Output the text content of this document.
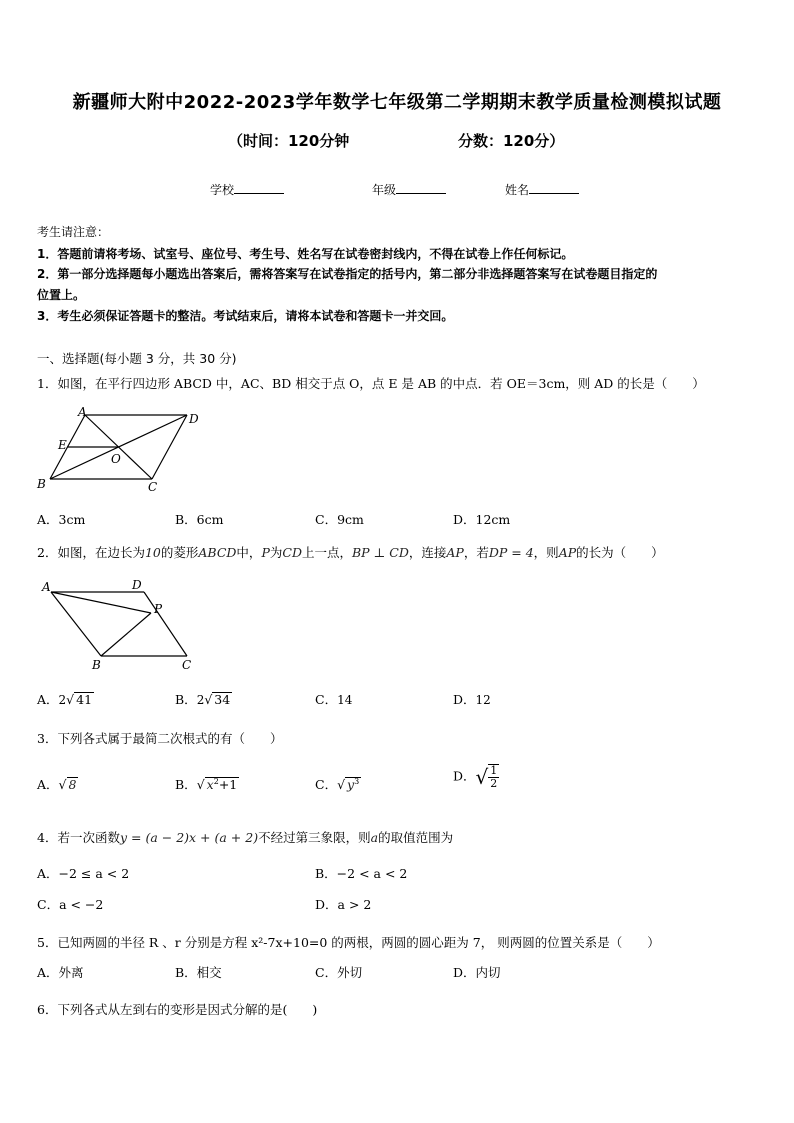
新疆师大附中2022-2023学年数学七年级第二学期期末教学质量检测模拟试题
（时间：120分钟	分数：120分）
学校	年级	姓名
考生请注意：
1．答题前请将考场、试室号、座位号、考生号、姓名写在试卷密封线内，不得在试卷上作任何标记。
2．第一部分选择题每小题选出答案后，需将答案写在试卷指定的括号内，第二部分非选择题答案写在试卷题目指定的
位置上。
3．考生必须保证答题卡的整洁。考试结束后，请将本试卷和答题卡一并交回。
一、选择题(每小题 3 分，共 30 分)
1．如图，在平行四边形 ABCD 中，AC、BD 相交于点 O，点 E 是 AB 的中点．若 OE＝3cm，则 AD 的长是（　　）
A	D
E
O
B	C
A．3cm	B．6cm	C．9cm	D．12cm
2．如图，在边长为10的菱形ABCD中，P为CD上一点，BP ⊥ CD，连接AP，若DP = 4，则AP的长为（　　）
A	D
P
B	C
A．2√ 41	B．2√ 34	C．14	D．12
3．下列各式属于最简二次根式的有（　　）
A．√ 8	B．√ $x^2+1$	C．√ $y^3$	D．√ $\frac{1}{2}$
4．若一次函数y = (a − 2)x + (a + 2)不经过第三象限，则a的取值范围为
A．−2 ≤ a < 2	B．−2 < a < 2
C．a < −2	D．a > 2
5．已知两圆的半径 R 、r 分别是方程 x²-7x+10=0 的两根，两圆的圆心距为 7， 则两圆的位置关系是（　　）
A．外离	B．相交	C．外切	D．内切
6．下列各式从左到右的变形是因式分解的是(　　)
